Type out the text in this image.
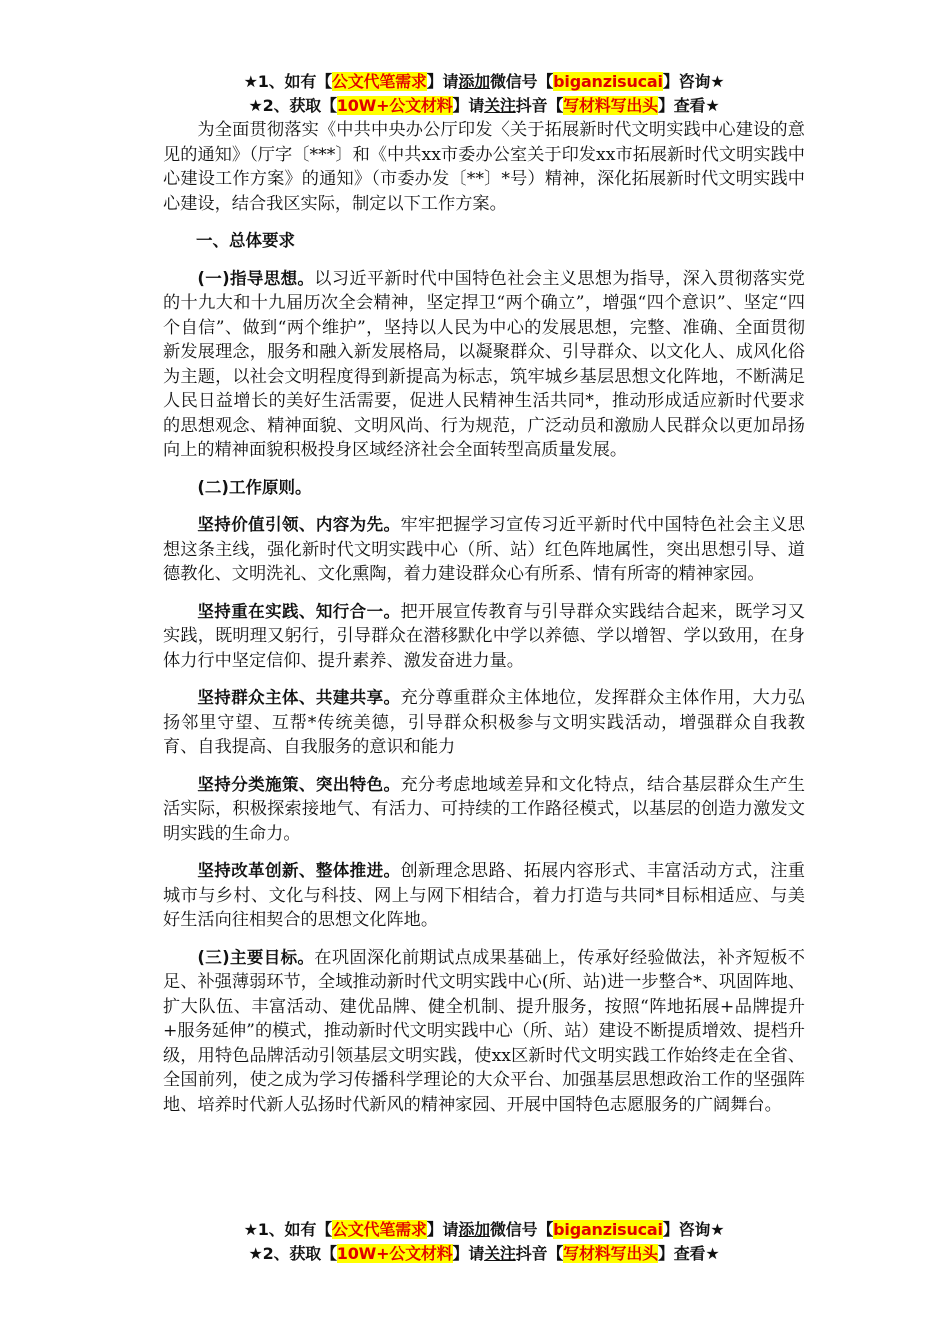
★1、如有【公文代笔需求】请添加微信号【biganzisucai】咨询★
★2、获取【10W+公文材料】请关注抖音【写材料写出头】查看★

为全面贯彻落实《中共中央办公厅印发〈关于拓展新时代文明实践中心建设的意见的通知》（厅字〔***〕和《中共xx市委办公室关于印发xx市拓展新时代文明实践中心建设工作方案》的通知》（市委办发〔**〕*号）精神，深化拓展新时代文明实践中心建设，结合我区实际，制定以下工作方案。

一、总体要求

(一)指导思想。以习近平新时代中国特色社会主义思想为指导，深入贯彻落实党的十九大和十九届历次全会精神，坚定捍卫“两个确立”，增强“四个意识”、坚定“四个自信”、做到“两个维护”，坚持以人民为中心的发展思想，完整、准确、全面贯彻新发展理念，服务和融入新发展格局，以凝聚群众、引导群众、以文化人、成风化俗为主题，以社会文明程度得到新提高为标志，筑牢城乡基层思想文化阵地，不断满足人民日益增长的美好生活需要，促进人民精神生活共同*，推动形成适应新时代要求的思想观念、精神面貌、文明风尚、行为规范，广泛动员和激励人民群众以更加昂扬向上的精神面貌积极投身区域经济社会全面转型高质量发展。

(二)工作原则。

坚持价值引领、内容为先。牢牢把握学习宣传习近平新时代中国特色社会主义思想这条主线，强化新时代文明实践中心（所、站）红色阵地属性，突出思想引导、道德教化、文明洗礼、文化熏陶，着力建设群众心有所系、情有所寄的精神家园。

坚持重在实践、知行合一。把开展宣传教育与引导群众实践结合起来，既学习又实践，既明理又躬行，引导群众在潜移默化中学以养德、学以增智、学以致用，在身体力行中坚定信仰、提升素养、激发奋进力量。

坚持群众主体、共建共享。充分尊重群众主体地位，发挥群众主体作用，大力弘扬邻里守望、互帮*传统美德，引导群众积极参与文明实践活动，增强群众自我教育、自我提高、自我服务的意识和能力

坚持分类施策、突出特色。充分考虑地域差异和文化特点，结合基层群众生产生活实际，积极探索接地气、有活力、可持续的工作路径模式，以基层的创造力激发文明实践的生命力。

坚持改革创新、整体推进。创新理念思路、拓展内容形式、丰富活动方式，注重城市与乡村、文化与科技、网上与网下相结合，着力打造与共同*目标相适应、与美好生活向往相契合的思想文化阵地。

(三)主要目标。在巩固深化前期试点成果基础上，传承好经验做法，补齐短板不足、补强薄弱环节，全域推动新时代文明实践中心(所、站)进一步整合*、巩固阵地、扩大队伍、丰富活动、建优品牌、健全机制、提升服务，按照“阵地拓展+品牌提升+服务延伸”的模式，推动新时代文明实践中心（所、站）建设不断提质增效、提档升级，用特色品牌活动引领基层文明实践，使xx区新时代文明实践工作始终走在全省、全国前列，使之成为学习传播科学理论的大众平台、加强基层思想政治工作的坚强阵地、培养时代新人弘扬时代新风的精神家园、开展中国特色志愿服务的广阔舞台。

★1、如有【公文代笔需求】请添加微信号【biganzisucai】咨询★
★2、获取【10W+公文材料】请关注抖音【写材料写出头】查看★
